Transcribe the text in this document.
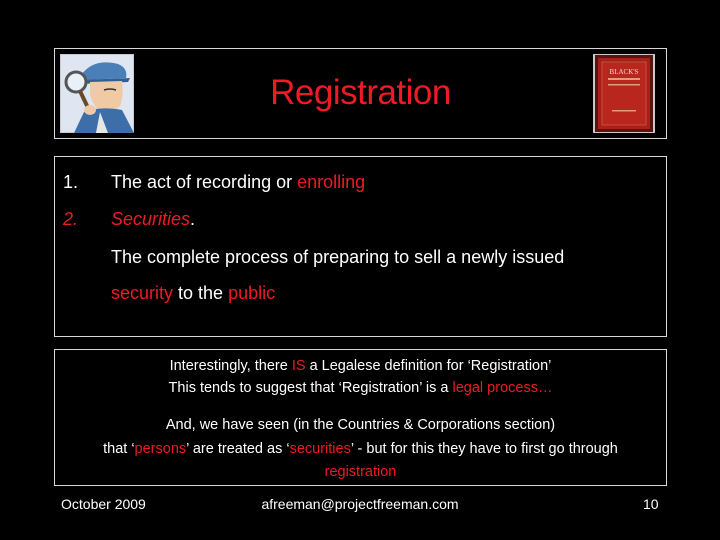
Registration
BLACK'S
1. The act of recording or enrolling
2. Securities.
The complete process of preparing to sell a newly issued
security to the public
Interestingly, there IS a Legalese definition for ‘Registration’
This tends to suggest that ‘Registration’ is a legal process…
And, we have seen (in the Countries & Corporations section)
that ‘persons’ are treated as ‘securities’ - but for this they have to first go through
registration
October 2009	afreeman@projectfreeman.com	10
